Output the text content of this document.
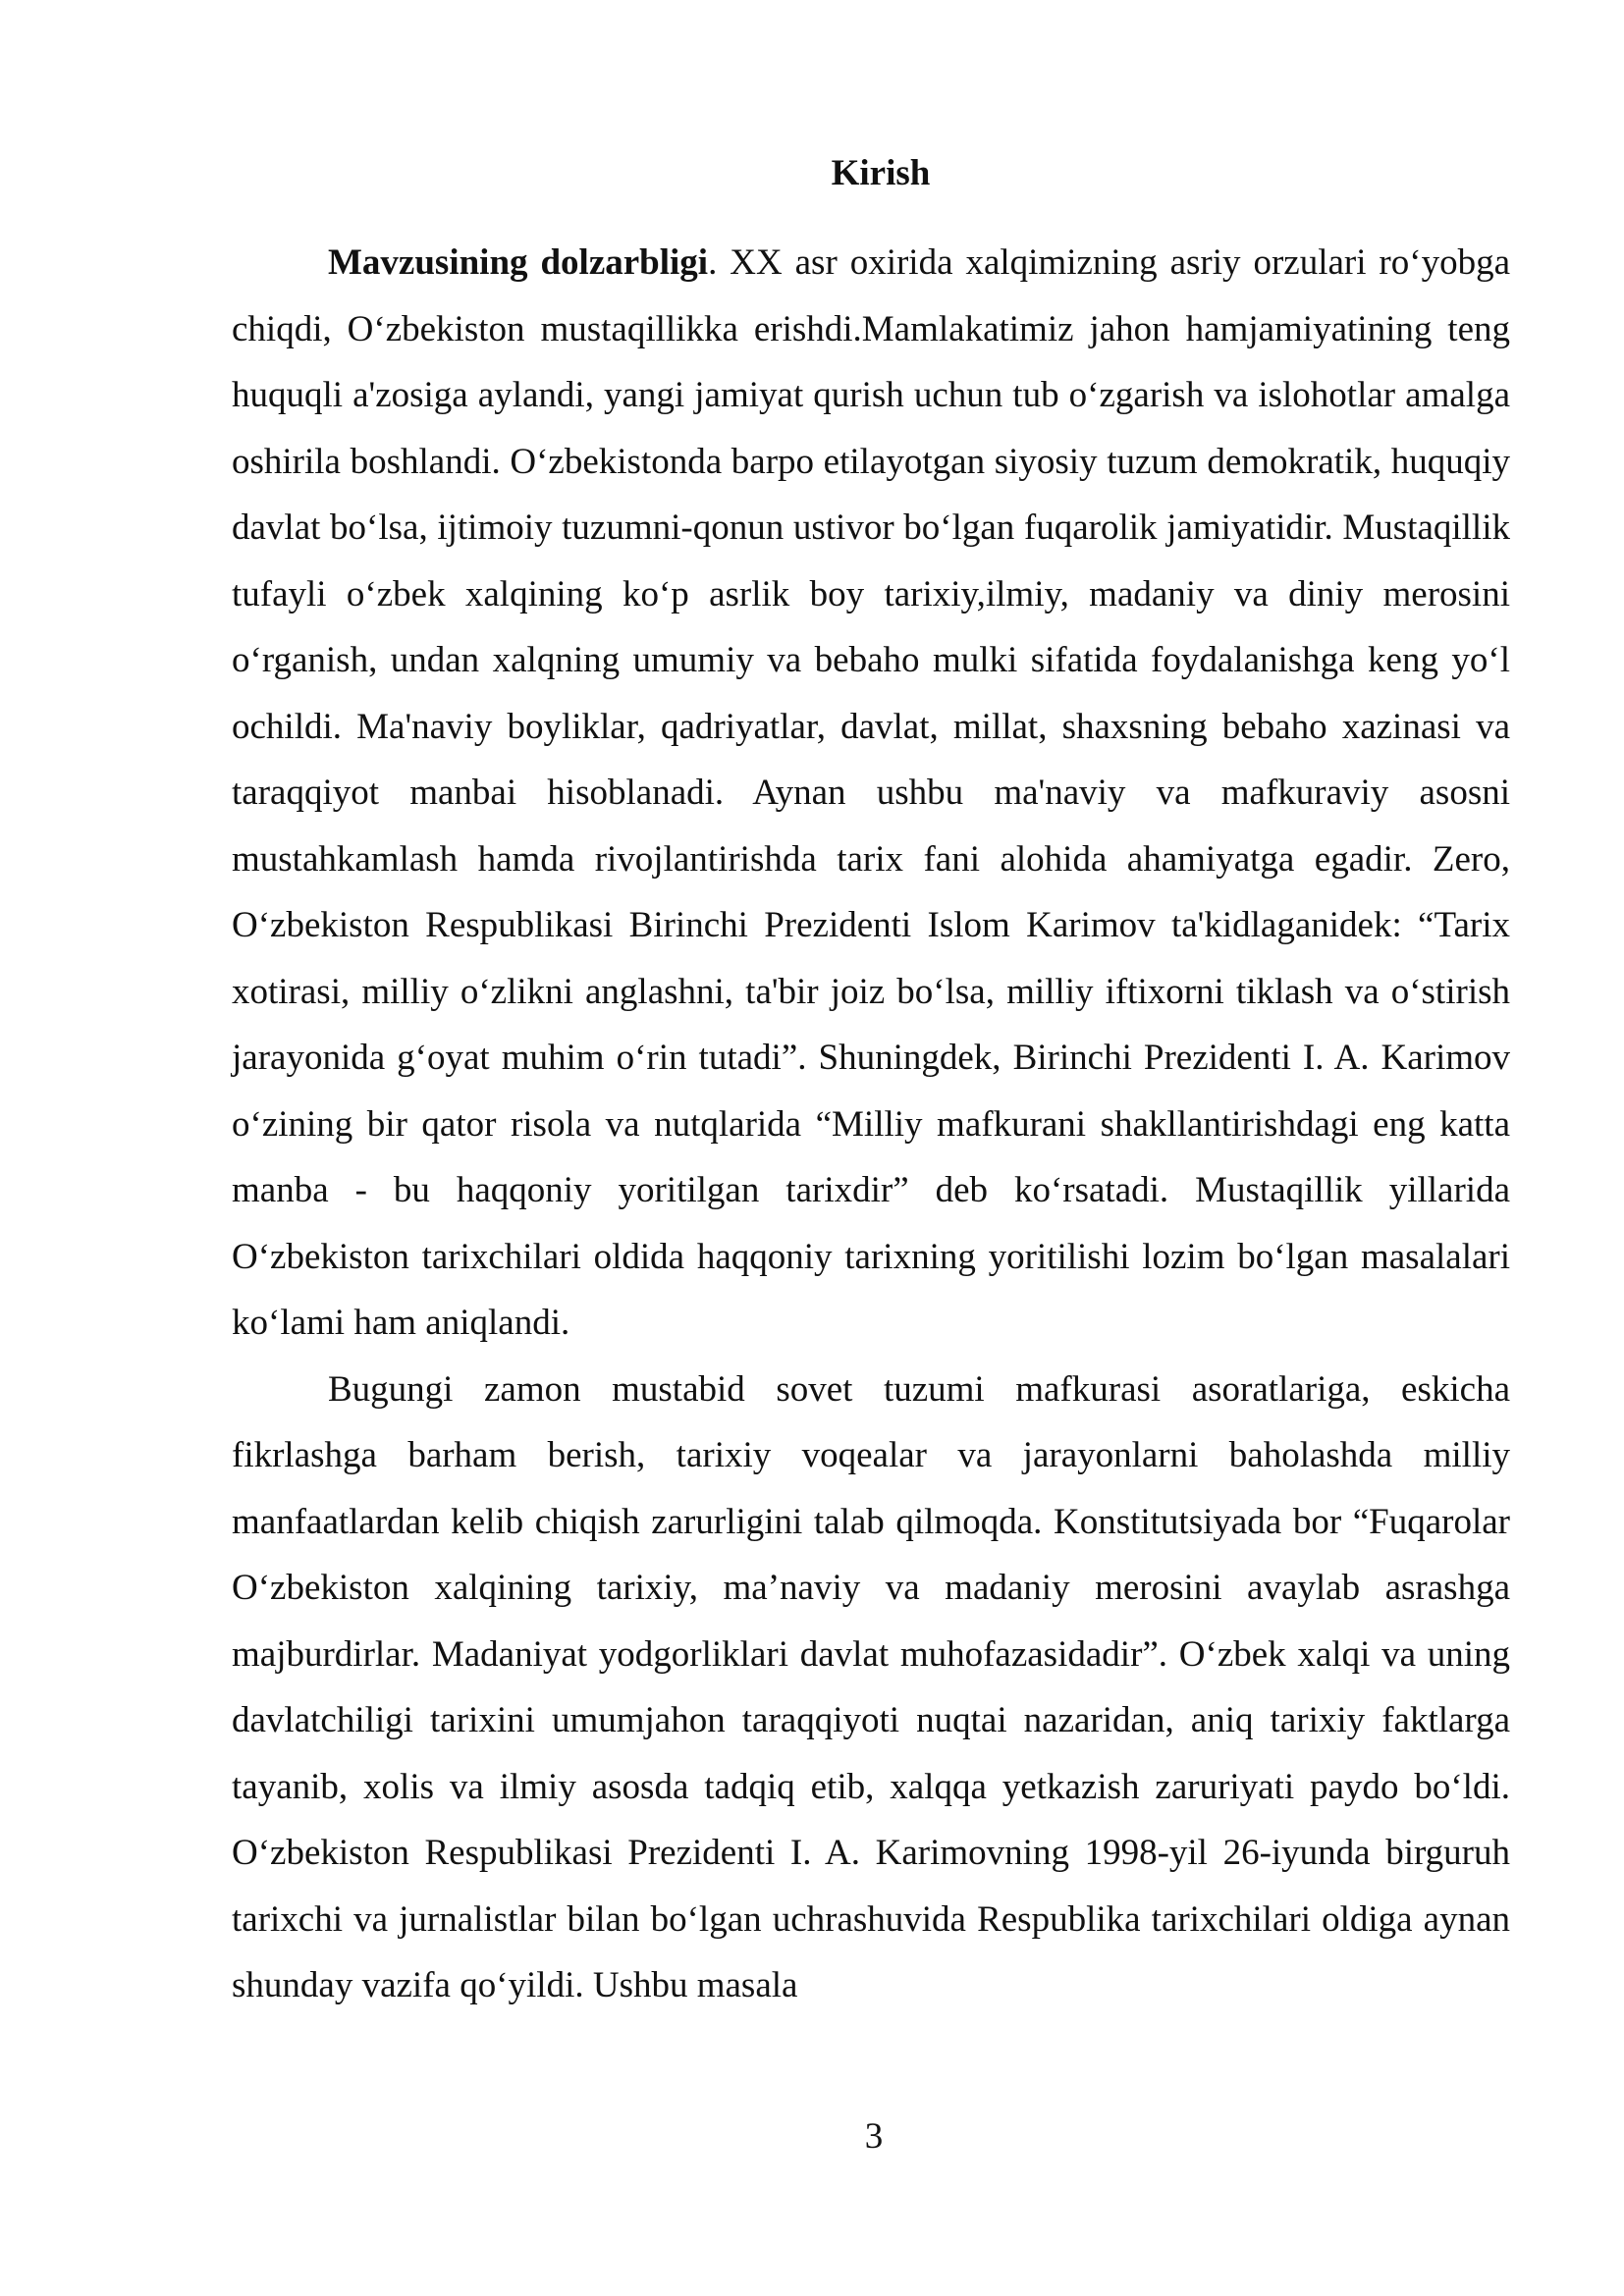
Kirish

Mavzusining dolzarbligi. XX asr oxirida xalqimizning asriy orzulari ro‘yobga chiqdi, O‘zbekiston mustaqillikka erishdi.Mamlakatimiz jahon hamjamiyatining teng huquqli a'zosiga aylandi, yangi jamiyat qurish uchun tub o‘zgarish va islohotlar amalga oshirila boshlandi. O‘zbekistonda barpo etilayotgan siyosiy tuzum demokratik, huquqiy davlat bo‘lsa, ijtimoiy tuzumni-qonun ustivor bo‘lgan fuqarolik jamiyatidir. Mustaqillik tufayli o‘zbek xalqining ko‘p asrlik boy tarixiy,ilmiy, madaniy va diniy merosini o‘rganish, undan xalqning umumiy va bebaho mulki sifatida foydalanishga keng yo‘l ochildi. Ma'naviy boyliklar, qadriyatlar, davlat, millat, shaxsning bebaho xazinasi va taraqqiyot manbai hisoblanadi. Aynan ushbu ma'naviy va mafkuraviy asosni mustahkamlash hamda rivojlantirishda tarix fani alohida ahamiyatga egadir. Zero, O‘zbekiston Respublikasi Birinchi Prezidenti Islom Karimov ta'kidlaganidek: “Tarix xotirasi, milliy o‘zlikni anglashni, ta'bir joiz bo‘lsa, milliy iftixorni tiklash va o‘stirish jarayonida g‘oyat muhim o‘rin tutadi”. Shuningdek, Birinchi Prezidenti I. A. Karimov o‘zining bir qator risola va nutqlarida “Milliy mafkurani shakllantirishdagi eng katta manba - bu haqqoniy yoritilgan tarixdir” deb ko‘rsatadi. Mustaqillik yillarida O‘zbekiston tarixchilari oldida haqqoniy tarixning yoritilishi lozim bo‘lgan masalalari ko‘lami ham aniqlandi.

Bugungi zamon mustabid sovet tuzumi mafkurasi asoratlariga, eskicha fikrlashga barham berish, tarixiy voqealar va jarayonlarni baholashda milliy manfaatlardan kelib chiqish zarurligini talab qilmoqda. Konstitutsiyada bor “Fuqarolar O‘zbekiston xalqining tarixiy, ma’naviy va madaniy merosini avaylab asrashga majburdirlar. Madaniyat yodgorliklari davlat muhofazasidadir”. O‘zbek xalqi va uning davlatchiligi tarixini umumjahon taraqqiyoti nuqtai nazaridan, aniq tarixiy faktlarga tayanib, xolis va ilmiy asosda tadqiq etib, xalqqa yetkazish zaruriyati paydo bo‘ldi. O‘zbekiston Respublikasi Prezidenti I. A. Karimovning 1998-yil 26-iyunda birguruh tarixchi va jurnalistlar bilan bo‘lgan uchrashuvida Respublika tarixchilari oldiga aynan shunday vazifa qo‘yildi. Ushbu masala

3
